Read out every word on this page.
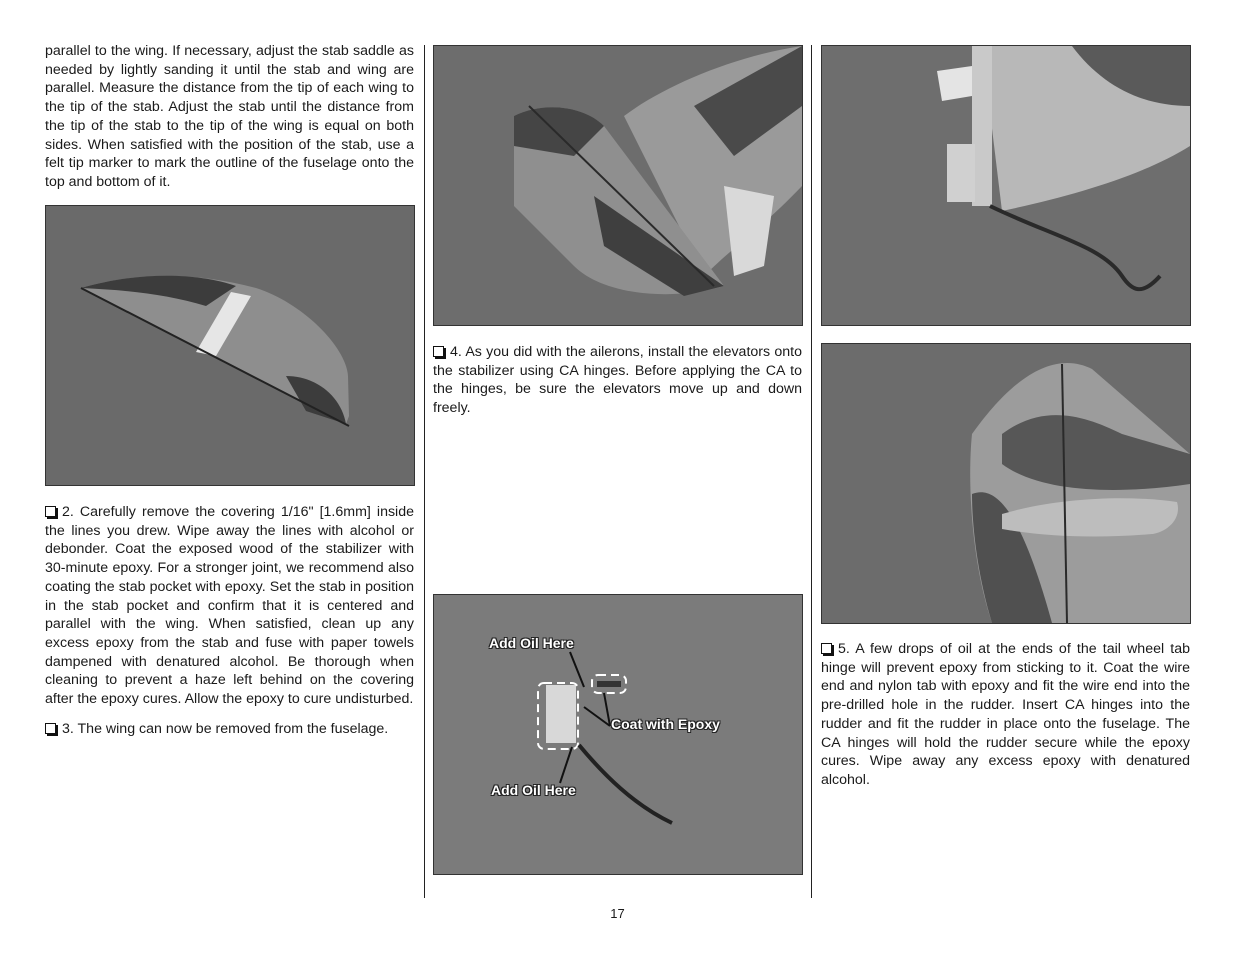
parallel to the wing. If necessary, adjust the stab saddle as needed by lightly sanding it until the stab and wing are parallel. Measure the distance from the tip of each wing to the tip of the stab. Adjust the stab until the distance from the tip of the stab to the tip of the wing is equal on both sides. When satisfied with the position of the stab, use a felt tip marker to mark the outline of the fuselage onto the top and bottom of it.

2. Carefully remove the covering 1/16" [1.6mm] inside the lines you drew. Wipe away the lines with alcohol or debonder. Coat the exposed wood of the stabilizer with 30-minute epoxy. For a stronger joint, we recommend also coating the stab pocket with epoxy. Set the stab in position in the stab pocket and confirm that it is centered and parallel with the wing. When satisfied, clean up any excess epoxy from the stab and fuse with paper towels dampened with denatured alcohol. Be thorough when cleaning to prevent a haze left behind on the covering after the epoxy cures. Allow the epoxy to cure undisturbed.

3. The wing can now be removed from the fuselage.

4. As you did with the ailerons, install the elevators onto the stabilizer using CA hinges. Before applying the CA to the hinges, be sure the elevators move up and down freely.

Add Oil Here
Coat with Epoxy
Add Oil Here

5. A few drops of oil at the ends of the tail wheel tab hinge will prevent epoxy from sticking to it. Coat the wire end and nylon tab with epoxy and fit the wire end into the pre-drilled hole in the rudder. Insert CA hinges into the rudder and fit the rudder in place onto the fuselage. The CA hinges will hold the rudder secure while the epoxy cures. Wipe away any excess epoxy with denatured alcohol.

17
